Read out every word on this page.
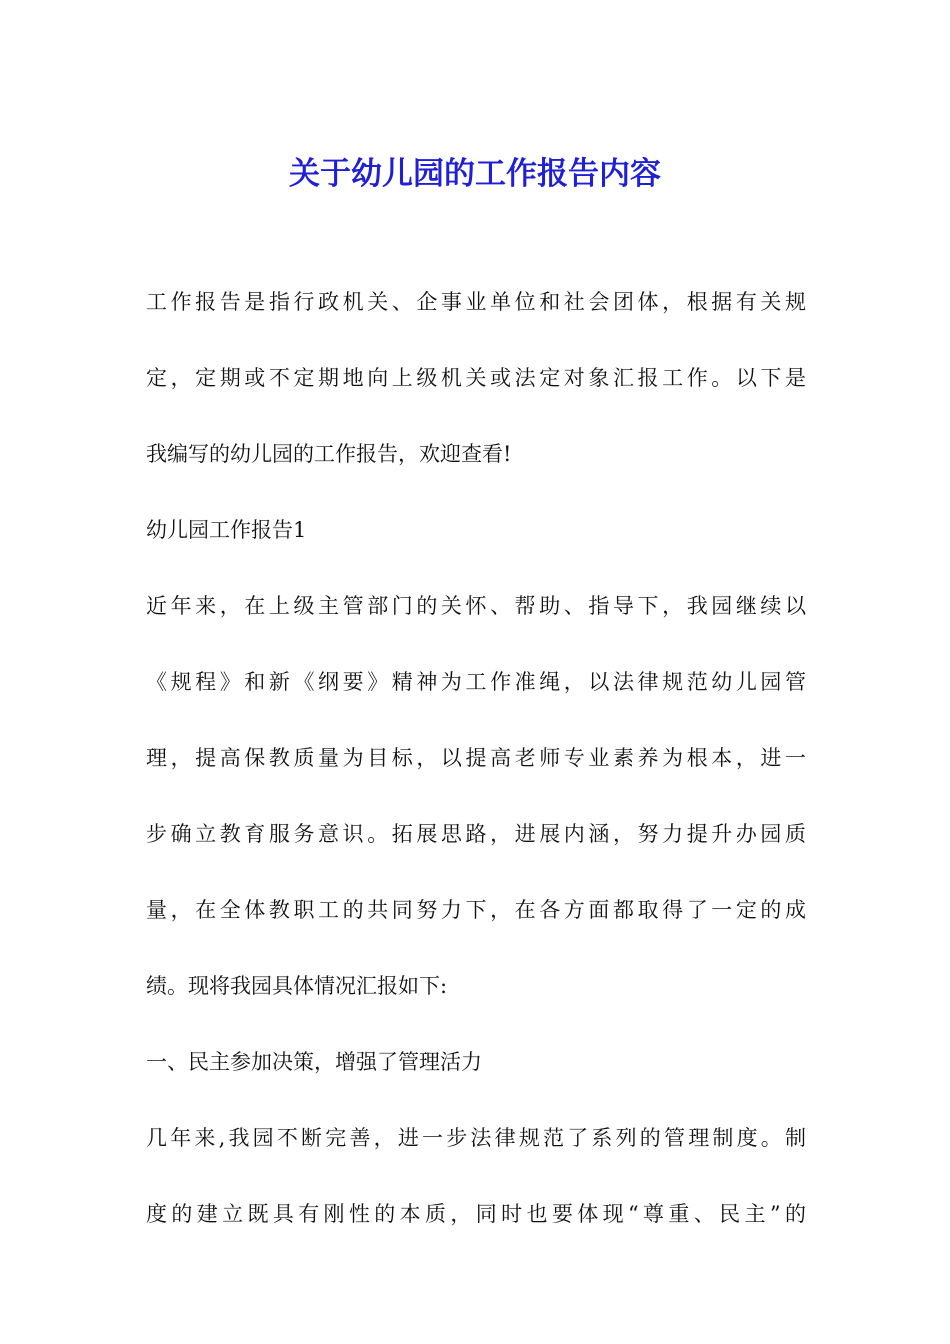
关于幼儿园的工作报告内容

工作报告是指行政机关、企事业单位和社会团体，根据有关规

定，定期或不定期地向上级机关或法定对象汇报工作。以下是

我编写的幼儿园的工作报告，欢迎查看!

幼儿园工作报告1

近年来，在上级主管部门的关怀、帮助、指导下，我园继续以

《规程》和新《纲要》精神为工作准绳，以法律规范幼儿园管

理，提高保教质量为目标，以提高老师专业素养为根本，进一

步确立教育服务意识。拓展思路，进展内涵，努力提升办园质

量，在全体教职工的共同努力下，在各方面都取得了一定的成

绩。现将我园具体情况汇报如下:

一、民主参加决策，增强了管理活力

几年来,我园不断完善，进一步法律规范了系列的管理制度。制

度的建立既具有刚性的本质，同时也要体现“尊重、民主”的
